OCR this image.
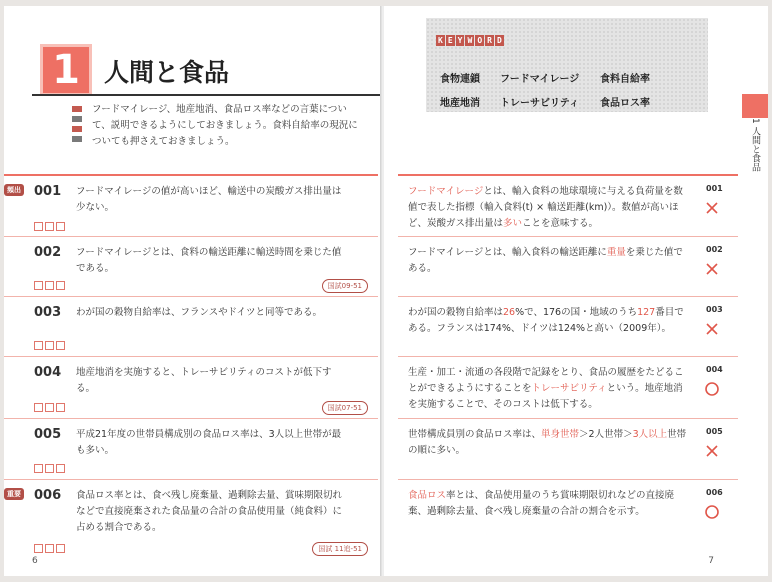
1 人間と食品
フードマイレージ、地産地消、食品ロス率などの言葉について、説明できるようにしておきましょう。食料自給率の現況についても押さえておきましょう。
頻出 001 フードマイレージの値が高いほど、輸送中の炭酸ガス排出量は少ない。
002 フードマイレージとは、食料の輸送距離に輸送時間を乗じた値である。
国試09-51
003 わが国の穀物自給率は、フランスやドイツと同等である。
004 地産地消を実施すると、トレーサビリティのコストが低下する。
国試07-51
005 平成21年度の世帯員構成別の食品ロス率は、3人以上世帯が最も多い。
重要 006 食品ロス率とは、食べ残し廃棄量、過剰除去量、賞味期限切れなどで直接廃棄された食品量の合計の食品使用量（純食料）に占める割合である。
国試 11追-51
6
K E Y W O R D
食物連鎖	フードマイレージ	食料自給率
地産地消	トレーサビリティ	食品ロス率
1 人間と食品
フードマイレージとは、輸入食料の地球環境に与える負荷量を数値で表した指標（輸入食料(t) × 輸送距離(km)）。数値が高いほど、炭酸ガス排出量は多いことを意味する。
001
フードマイレージとは、輸入食料の輸送距離に重量を乗じた値である。
002
わが国の穀物自給率は26%で、176の国・地域のうち127番目である。フランスは174%、ドイツは124%と高い（2009年）。
003
生産・加工・流通の各段階で記録をとり、食品の履歴をたどることができるようにすることをトレーサビリティという。地産地消を実施することで、そのコストは低下する。
004
世帯構成員別の食品ロス率は、単身世帯＞2人世帯＞3人以上世帯の順に多い。
005
食品ロス率とは、食品使用量のうち賞味期限切れなどの直接廃棄、過剰除去量、食べ残し廃棄量の合計の割合を示す。
006
7
